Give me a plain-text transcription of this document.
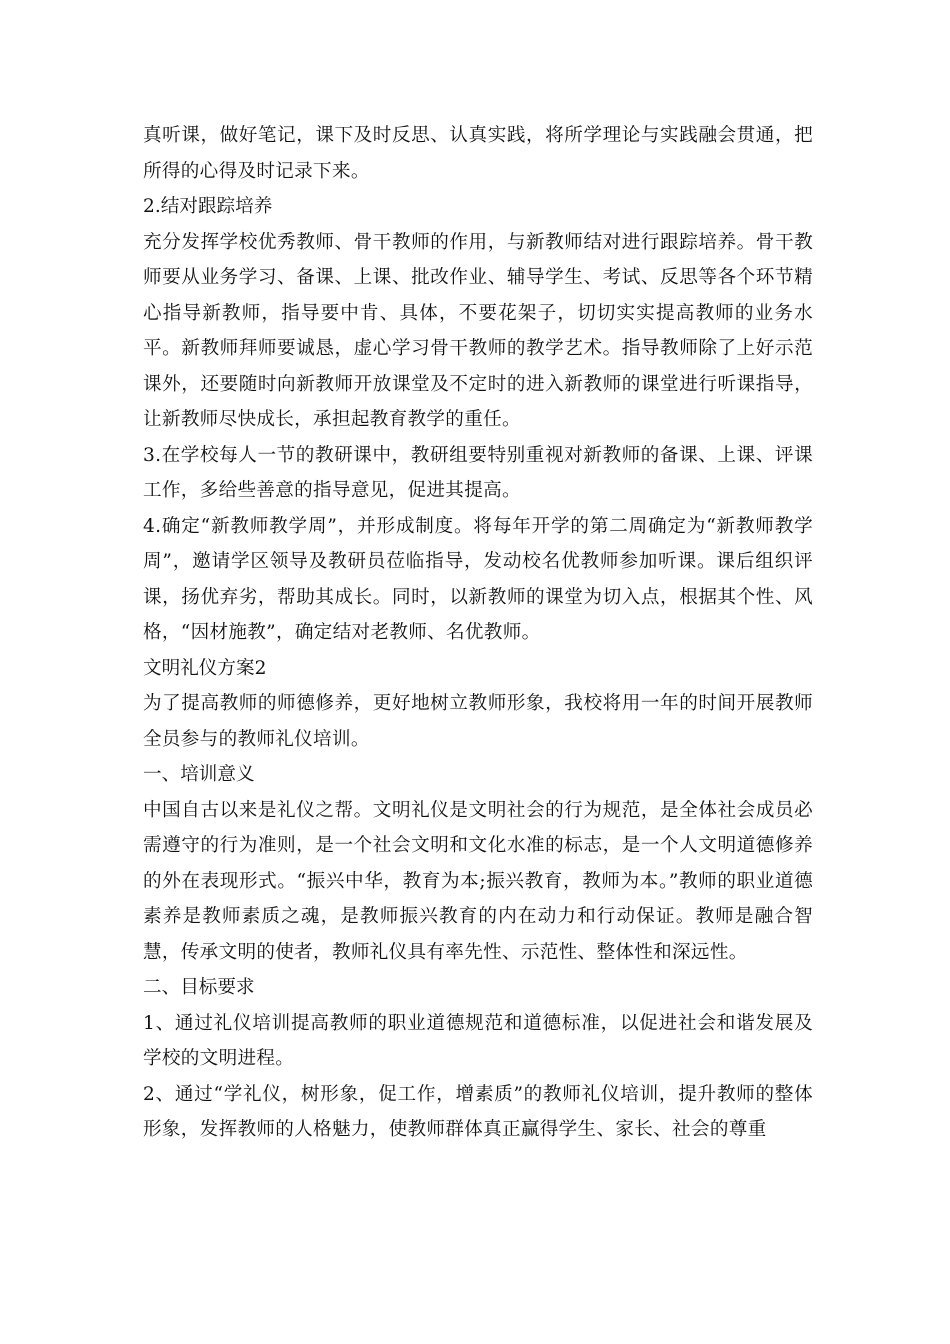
真听课，做好笔记，课下及时反思、认真实践，将所学理论与实践融会贯通，把所得的心得及时记录下来。

2.结对跟踪培养

充分发挥学校优秀教师、骨干教师的作用，与新教师结对进行跟踪培养。骨干教师要从业务学习、备课、上课、批改作业、辅导学生、考试、反思等各个环节精心指导新教师，指导要中肯、具体，不要花架子，切切实实提高教师的业务水平。新教师拜师要诚恳，虚心学习骨干教师的教学艺术。指导教师除了上好示范课外，还要随时向新教师开放课堂及不定时的进入新教师的课堂进行听课指导，让新教师尽快成长，承担起教育教学的重任。

3.在学校每人一节的教研课中，教研组要特别重视对新教师的备课、上课、评课工作，多给些善意的指导意见，促进其提高。

4.确定“新教师教学周”，并形成制度。将每年开学的第二周确定为“新教师教学周”，邀请学区领导及教研员莅临指导，发动校名优教师参加听课。课后组织评课，扬优弃劣，帮助其成长。同时，以新教师的课堂为切入点，根据其个性、风格，“因材施教”，确定结对老教师、名优教师。

文明礼仪方案2

为了提高教师的师德修养，更好地树立教师形象，我校将用一年的时间开展教师全员参与的教师礼仪培训。

一、培训意义

中国自古以来是礼仪之帮。文明礼仪是文明社会的行为规范，是全体社会成员必需遵守的行为准则，是一个社会文明和文化水准的标志，是一个人文明道德修养的外在表现形式。“振兴中华，教育为本;振兴教育，教师为本。”教师的职业道德素养是教师素质之魂，是教师振兴教育的内在动力和行动保证。教师是融合智慧，传承文明的使者，教师礼仪具有率先性、示范性、整体性和深远性。

二、目标要求

1、通过礼仪培训提高教师的职业道德规范和道德标准，以促进社会和谐发展及学校的文明进程。

2、通过“学礼仪，树形象，促工作，增素质”的教师礼仪培训，提升教师的整体形象，发挥教师的人格魅力，使教师群体真正赢得学生、家长、社会的尊重
